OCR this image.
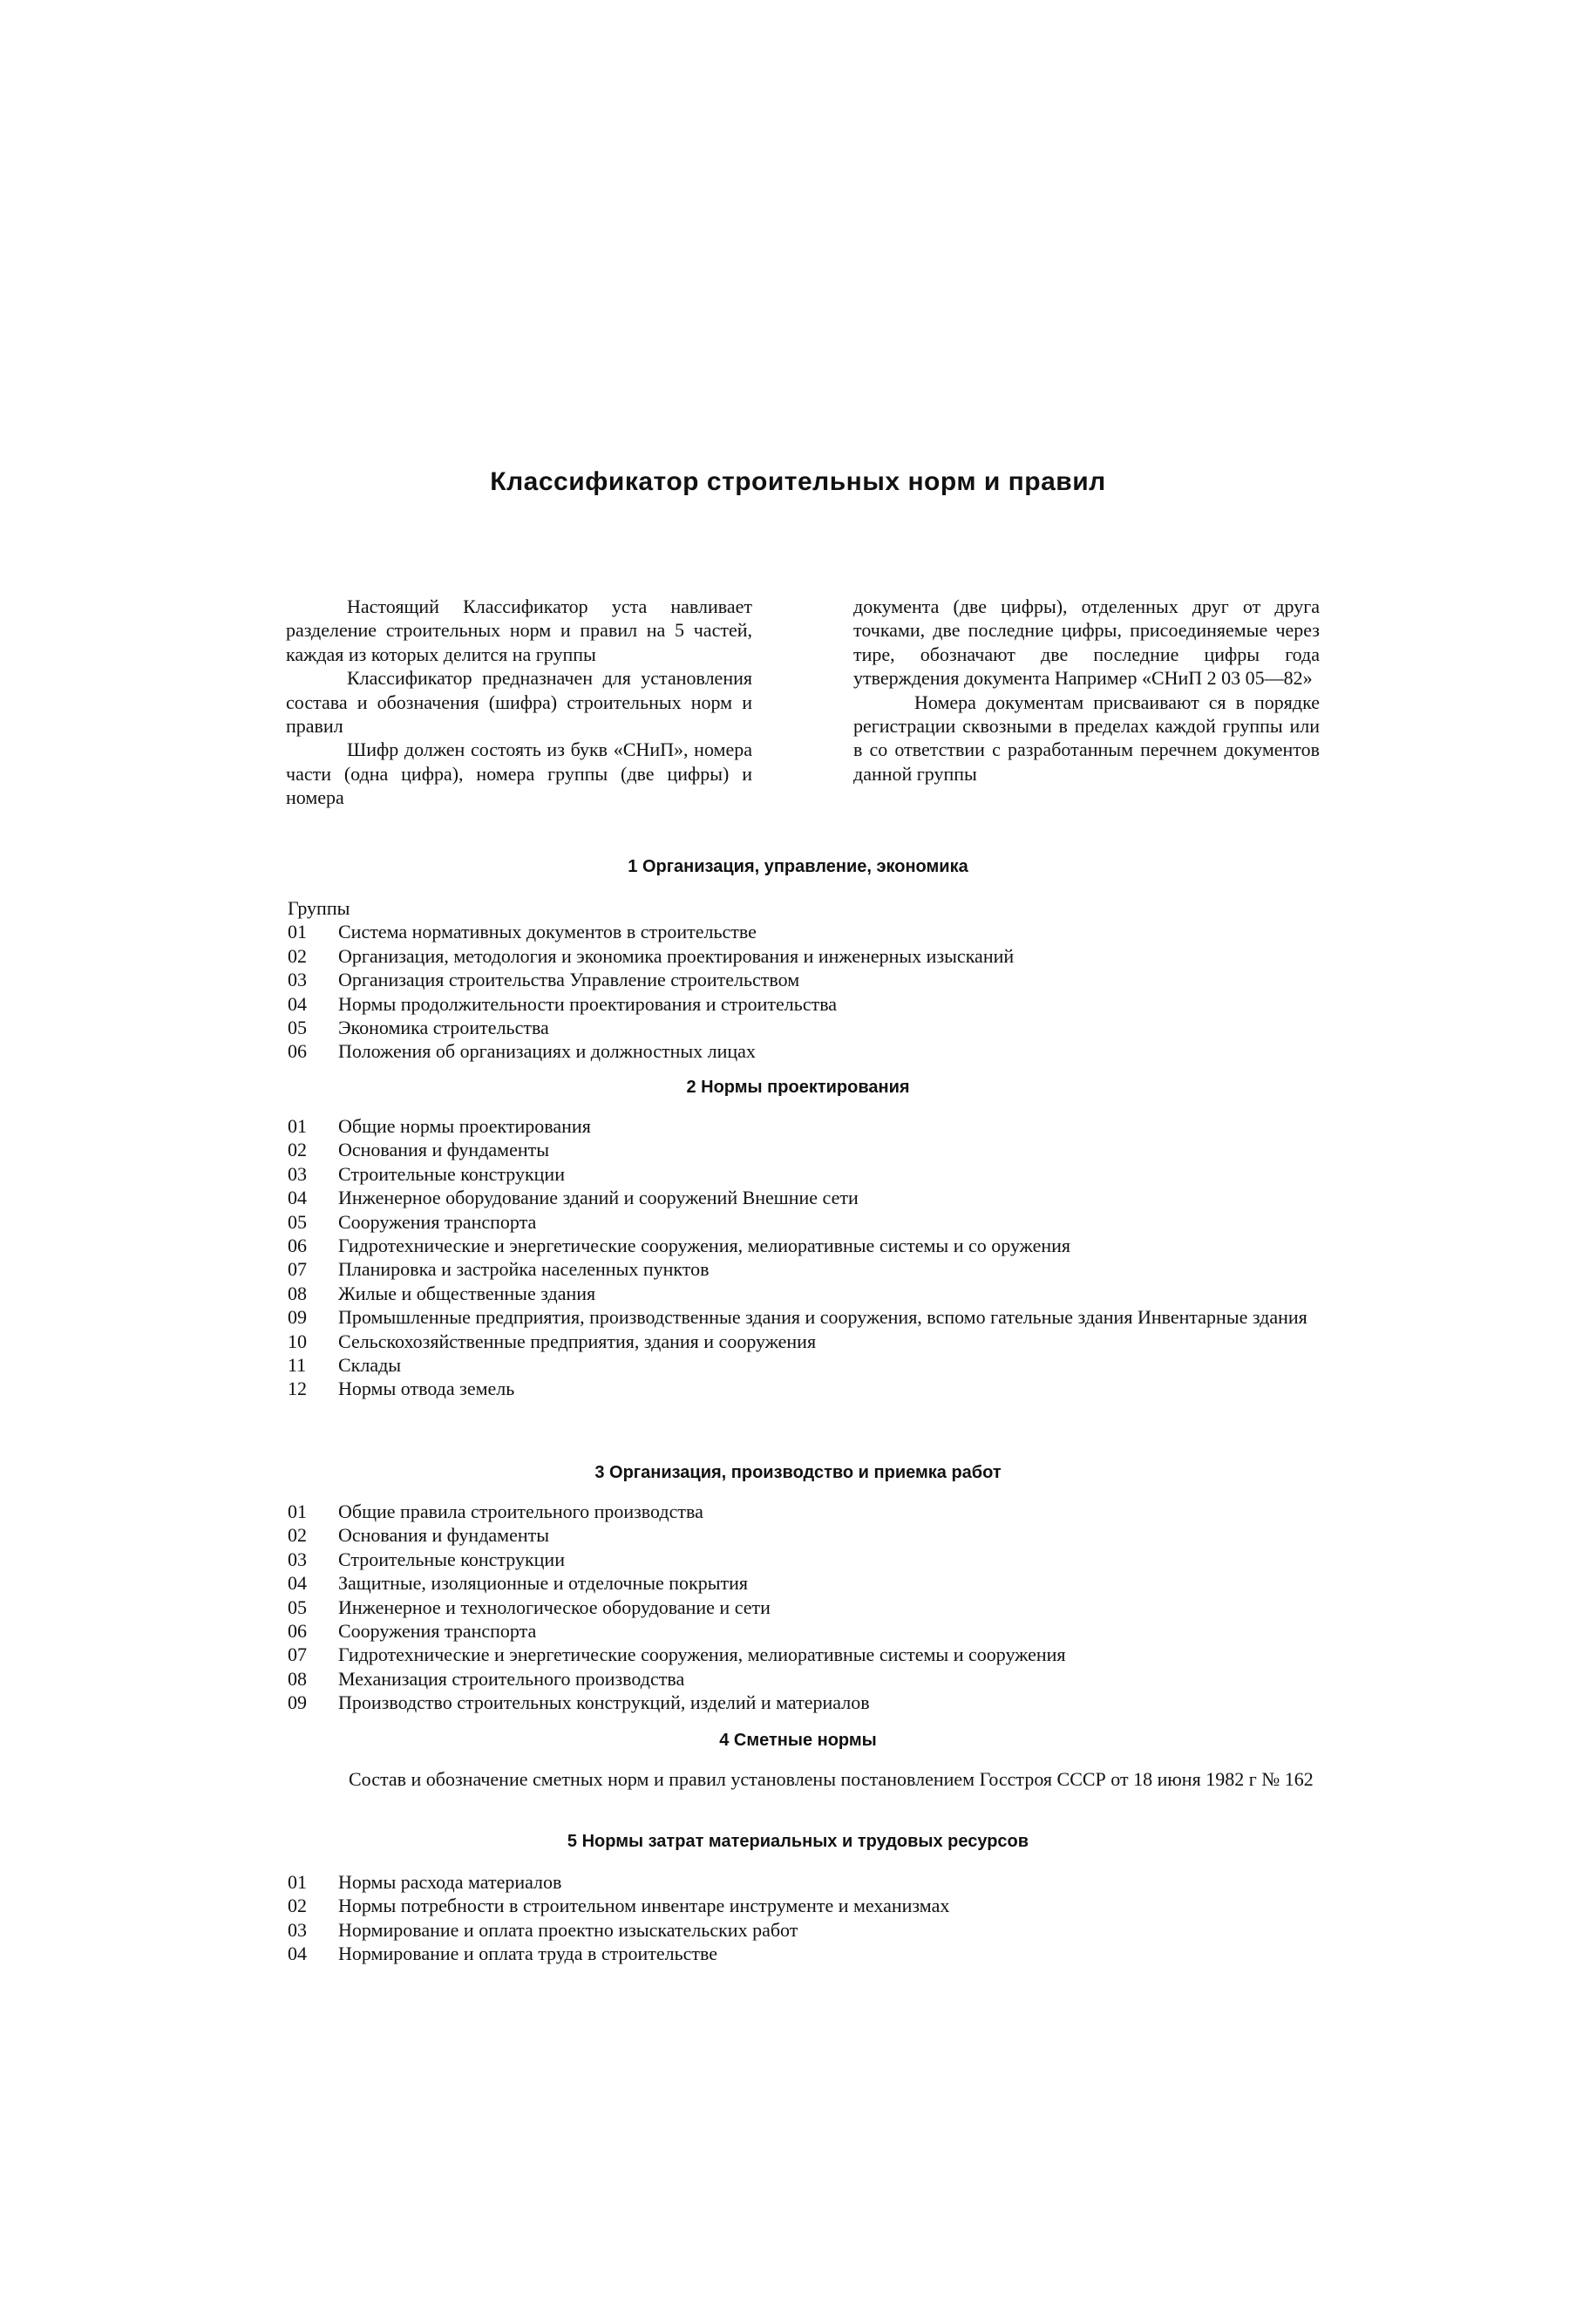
Классификатор строительных норм и правил

Настоящий Классификатор уста навливает разделение строительных норм и правил на 5 частей, каждая из которых делится на группы

Классификатор предназначен для установления состава и обозначения (шифра) строительных норм и правил

Шифр должен состоять из букв «СНиП», номера части (одна цифра), номера группы (две цифры) и номера

документа (две цифры), отделенных друг от друга точками, две последние цифры, присоединяемые через тире, обозначают две последние цифры года утверждения документа Например «СНиП 2 03 05—82»

Номера документам присваивают ся в порядке регистрации сквозными в пределах каждой группы или в со ответствии с разработанным перечнем документов данной группы

1 Организация, управление, экономика
Группы
01	Система нормативных документов в строительстве
02	Организация, методология и экономика проектирования и инженерных изысканий
03	Организация строительства Управление строительством
04	Нормы продолжительности проектирования и строительства
05	Экономика строительства
06	Положения об организациях и должностных лицах
2 Нормы проектирования
01	Общие нормы проектирования
02	Основания и фундаменты
03	Строительные конструкции
04	Инженерное оборудование зданий и сооружений Внешние сети
05	Сооружения транспорта
06	Гидротехнические и энергетические сооружения, мелиоративные системы и со оружения
07	Планировка и застройка населенных пунктов
08	Жилые и общественные здания
09	Промышленные предприятия, производственные здания и сооружения, вспомо гательные здания Инвентарные здания
10	Сельскохозяйственные предприятия, здания и сооружения
11	Склады
12	Нормы отвода земель
3 Организация, производство и приемка работ
01	Общие правила строительного производства
02	Основания и фундаменты
03	Строительные конструкции
04	Защитные, изоляционные и отделочные покрытия
05	Инженерное и технологическое оборудование и сети
06	Сооружения транспорта
07	Гидротехнические и энергетические сооружения, мелиоративные системы и сооружения
08	Механизация строительного производства
09	Производство строительных конструкций, изделий и материалов
4 Сметные нормы

Состав и обозначение сметных норм и правил установлены постановлением Госстроя СССР от 18 июня 1982 г № 162

5 Нормы затрат материальных и трудовых ресурсов
01	Нормы расхода материалов
02	Нормы потребности в строительном инвентаре инструменте и механизмах
03	Нормирование и оплата проектно изыскательских работ
04	Нормирование и оплата труда в строительстве
